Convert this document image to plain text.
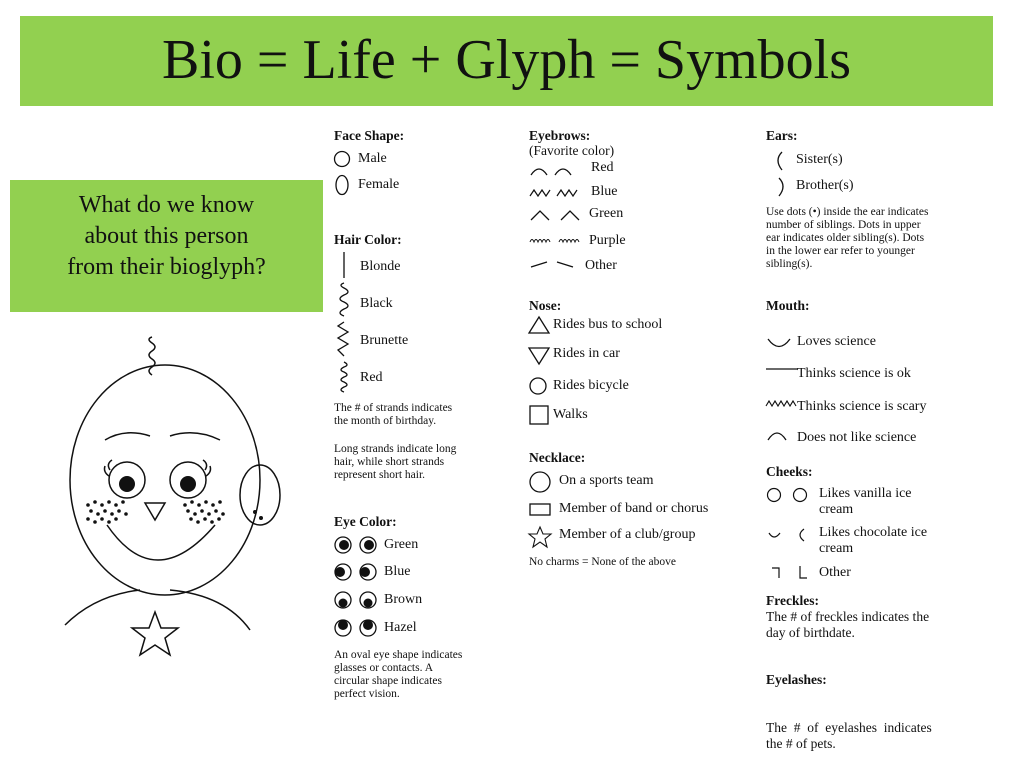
Bio = Life + Glyph = Symbols
What do we know
about this person
from their bioglyph?
Face Shape:
Male
Female
Hair Color:
Blonde
Black
Brunette
Red
The # of strands indicates
the month of birthday.
Long strands indicate long
hair, while short strands
represent short hair.
Eye Color:
Green
Blue
Brown
Hazel
An oval eye shape indicates
glasses or contacts. A
circular shape indicates
perfect vision.
Eyebrows:
(Favorite color)
Red
Blue
Green
Purple
Other
Nose:
Rides bus to school
Rides in car
Rides bicycle
Walks
Necklace:
On a sports team
Member of band or chorus
Member of a club/group
No charms = None of the above
Ears:
Sister(s)
Brother(s)
Use dots (•) inside the ear indicates
number of siblings. Dots in upper
ear indicates older sibling(s). Dots
in the lower ear refer to younger
sibling(s).
Mouth:
Loves science
Thinks science is ok
Thinks science is scary
Does not like science
Cheeks:
Likes vanilla ice
cream
Likes chocolate ice
cream
Other
Freckles:
The # of freckles indicates the
day of birthdate.
Eyelashes:

The  #  of  eyelashes  indicates
the # of pets.
